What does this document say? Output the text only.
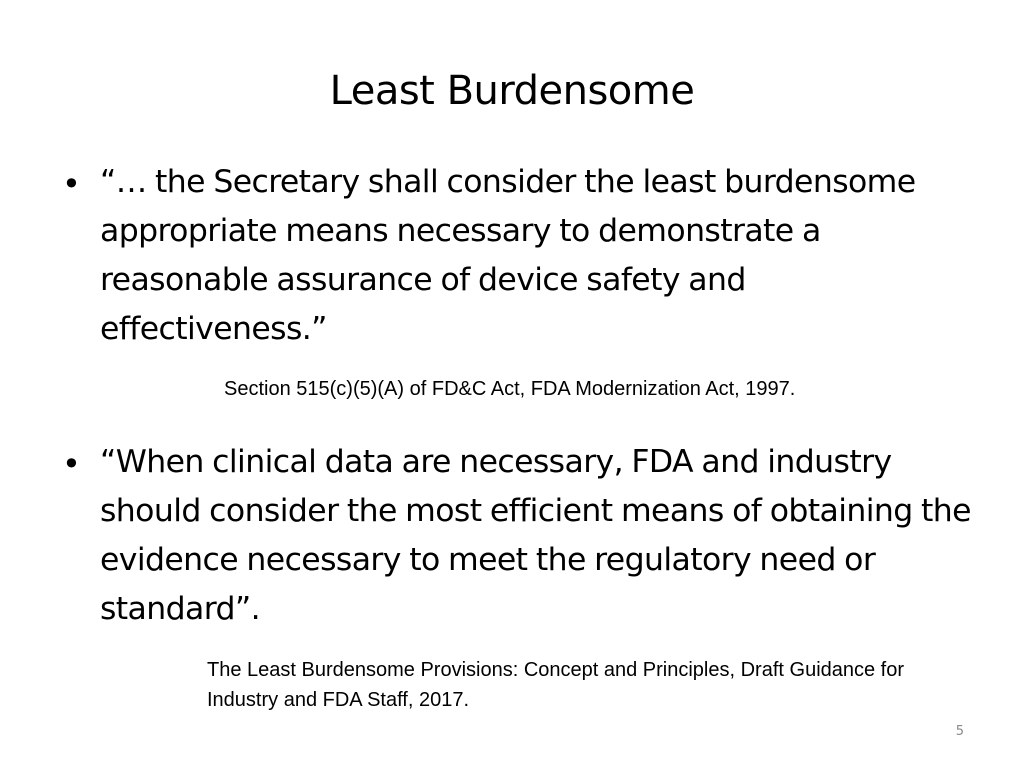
Least Burdensome
• “… the Secretary shall consider the least burdensome appropriate means necessary to demonstrate a reasonable assurance of device safety and effectiveness.”
Section 515(c)(5)(A) of FD&C Act, FDA Modernization Act, 1997.
• “When clinical data are necessary, FDA and industry should consider the most efficient means of obtaining the evidence necessary to meet the regulatory need or standard”.
The Least Burdensome Provisions: Concept and Principles, Draft Guidance for Industry and FDA Staff, 2017.
5
